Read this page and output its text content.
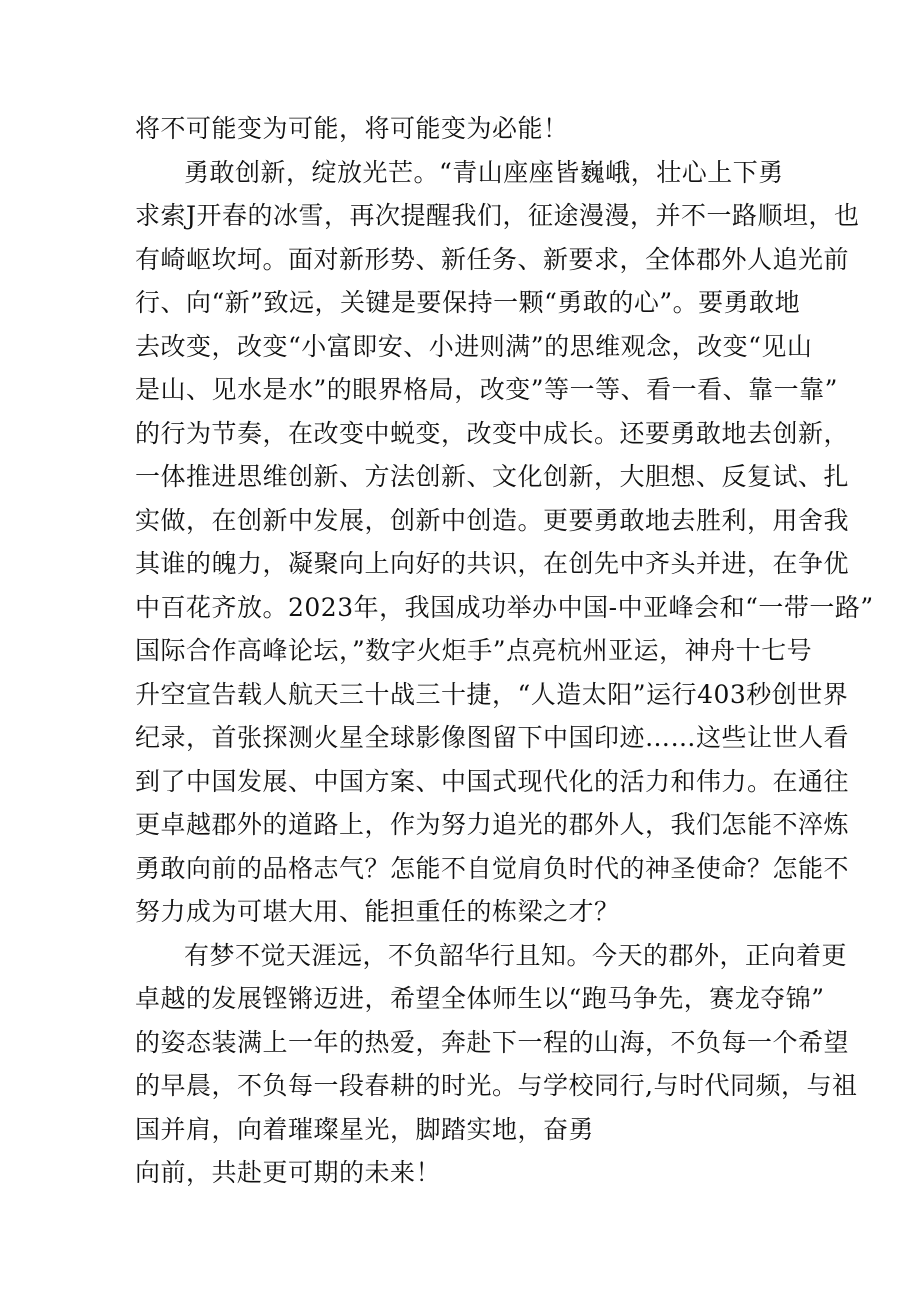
将不可能变为可能，将可能变为必能！
勇敢创新，绽放光芒。“青山座座皆巍峨，壮心上下勇
求索J开春的冰雪，再次提醒我们，征途漫漫，并不一路顺坦，也
有崎岖坎坷。面对新形势、新任务、新要求，全体郡外人追光前
行、向“新”致远，关键是要保持一颗“勇敢的心”。要勇敢地
去改变，改变“小富即安、小进则满”的思维观念，改变“见山
是山、见水是水”的眼界格局，改变”等一等、看一看、靠一靠”
的行为节奏，在改变中蜕变，改变中成长。还要勇敢地去创新，
一体推进思维创新、方法创新、文化创新，大胆想、反复试、扎
实做，在创新中发展，创新中创造。更要勇敢地去胜利，用舍我
其谁的魄力，凝聚向上向好的共识，在创先中齐头并进，在争优
中百花齐放。2023年，我国成功举办中国-中亚峰会和“一带一路”
国际合作高峰论坛，”数字火炬手”点亮杭州亚运，神舟十七号
升空宣告载人航天三十战三十捷，“人造太阳”运行403秒创世界
纪录，首张探测火星全球影像图留下中国印迹……这些让世人看
到了中国发展、中国方案、中国式现代化的活力和伟力。在通往
更卓越郡外的道路上，作为努力追光的郡外人，我们怎能不淬炼
勇敢向前的品格志气？怎能不自觉肩负时代的神圣使命？怎能不
努力成为可堪大用、能担重任的栋梁之才？
有梦不觉天涯远，不负韶华行且知。今天的郡外，正向着更
卓越的发展铿锵迈进，希望全体师生以“跑马争先，赛龙夺锦”
的姿态装满上一年的热爱，奔赴下一程的山海，不负每一个希望
的早晨，不负每一段春耕的时光。与学校同行,与时代同频，与祖
国并肩，向着璀璨星光，脚踏实地，奋勇
向前，共赴更可期的未来！
